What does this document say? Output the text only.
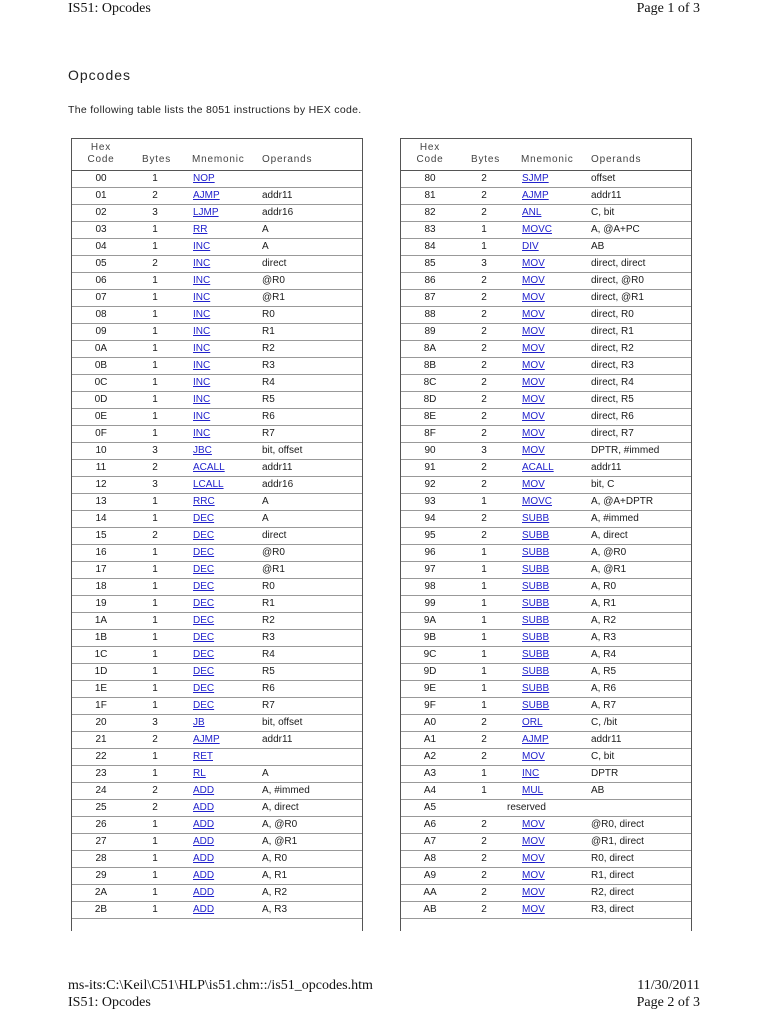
IS51: Opcodes	Page 1 of 3
Opcodes
The following table lists the 8051 instructions by HEX code.
Hex
Code	Bytes Mnemonic Operands
00	1	NOP
01	2	AJMP	addr11
02	3	LJMP	addr16
03	1	RR	A
04	1	INC	A
05	2	INC	direct
06	1	INC	@R0
07	1	INC	@R1
08	1	INC	R0
09	1	INC	R1
0A	1	INC	R2
0B	1	INC	R3
0C	1	INC	R4
0D	1	INC	R5
0E	1	INC	R6
0F	1	INC	R7
10	3	JBC	bit, offset
11	2	ACALL	addr11
12	3	LCALL	addr16
13	1	RRC	A
14	1	DEC	A
15	2	DEC	direct
16	1	DEC	@R0
17	1	DEC	@R1
18	1	DEC	R0
19	1	DEC	R1
1A	1	DEC	R2
1B	1	DEC	R3
1C	1	DEC	R4
1D	1	DEC	R5
1E	1	DEC	R6
1F	1	DEC	R7
20	3	JB	bit, offset
21	2	AJMP	addr11
22	1	RET
23	1	RL	A
24	2	ADD	A, #immed
25	2	ADD	A, direct
26	1	ADD	A, @R0
27	1	ADD	A, @R1
28	1	ADD	A, R0
29	1	ADD	A, R1
2A	1	ADD	A, R2
2B	1	ADD	A, R3
Hex
Code	Bytes Mnemonic Operands
80	2	SJMP	offset
81	2	AJMP	addr11
82	2	ANL	C, bit
83	1	MOVC	A, @A+PC
84	1	DIV	AB
85	3	MOV	direct, direct
86	2	MOV	direct, @R0
87	2	MOV	direct, @R1
88	2	MOV	direct, R0
89	2	MOV	direct, R1
8A	2	MOV	direct, R2
8B	2	MOV	direct, R3
8C	2	MOV	direct, R4
8D	2	MOV	direct, R5
8E	2	MOV	direct, R6
8F	2	MOV	direct, R7
90	3	MOV	DPTR, #immed
91	2	ACALL	addr11
92	2	MOV	bit, C
93	1	MOVC	A, @A+DPTR
94	2	SUBB	A, #immed
95	2	SUBB	A, direct
96	1	SUBB	A, @R0
97	1	SUBB	A, @R1
98	1	SUBB	A, R0
99	1	SUBB	A, R1
9A	1	SUBB	A, R2
9B	1	SUBB	A, R3
9C	1	SUBB	A, R4
9D	1	SUBB	A, R5
9E	1	SUBB	A, R6
9F	1	SUBB	A, R7
A0	2	ORL	C, /bit
A1	2	AJMP	addr11
A2	2	MOV	C, bit
A3	1	INC	DPTR
A4	1	MUL	AB
A5	reserved
A6	2	MOV	@R0, direct
A7	2	MOV	@R1, direct
A8	2	MOV	R0, direct
A9	2	MOV	R1, direct
AA	2	MOV	R2, direct
AB	2	MOV	R3, direct
ms-its:C:\Keil\C51\HLP\is51.chm::/is51_opcodes.htm
IS51: Opcodes
11/30/2011
Page 2 of 3
